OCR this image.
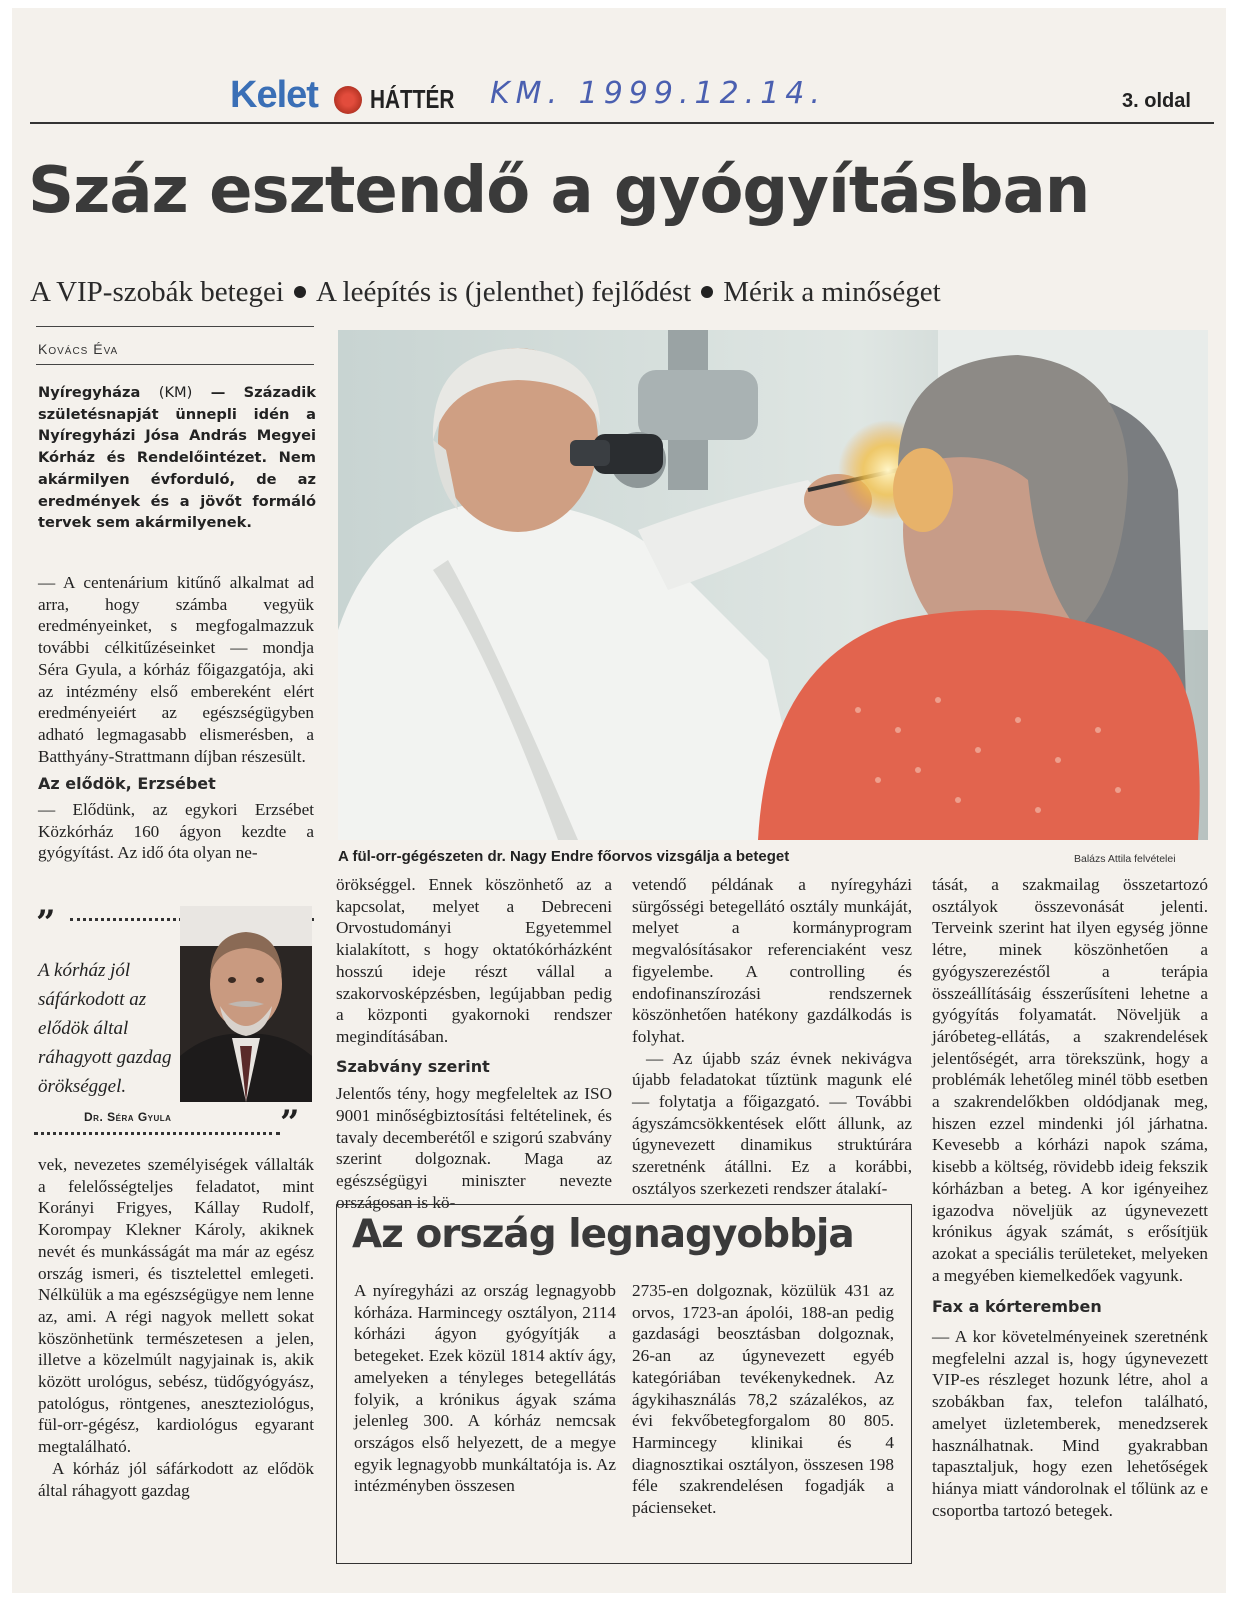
Kelet HÁTTÉR KM. 1999.12.14.	3. oldal
Száz esztendő a gyógyításban
A VIP-szobák betegei A leépítés is (jelenthet) fejlődést Mérik a minőséget
Kovács Éva
Nyíregyháza (KM) — Századik születésnapját ünnepli idén a Nyíregyházi Jósa András Megyei Kórház és Rendelőintézet. Nem akármilyen évforduló, de az eredmények és a jövőt formáló tervek sem akármilyenek.

— A centenárium kitűnő alkalmat ad arra, hogy számba vegyük eredményeinket, s megfogalmazzuk további célkitűzéseinket — mondja Séra Gyula, a kórház főigazgatója, aki az intézmény első embereként elért eredményeiért az egészségügyben adható legmagasabb elismerésben, a Batthyány-Strattmann díjban részesült.

Az elődök, Erzsébet

— Elődünk, az egykori Erzsébet Közkórház 160 ágyon kezdte a gyógyítást. Az idő óta olyan ne-

”
A kórház jól sáfárkodott az elődök által ráhagyott gazdag örökséggel.
Dr. Séra Gyula	”

vek, nevezetes személyiségek vállalták a felelősségteljes feladatot, mint Korányi Frigyes, Kállay Rudolf, Korompay Klekner Károly, akiknek nevét és munkásságát ma már az egész ország ismeri, és tisztelettel emlegeti. Nélkülük a ma egészségügye nem lenne az, ami. A régi nagyok mellett sokat köszönhetünk természetesen a jelen, illetve a közelmúlt nagyjainak is, akik között urológus, sebész, tüdőgyógyász, patológus, röntgenes, aneszteziológus, fül-orr-gégész, kardiológus egyarant megtalálható.

A kórház jól sáfárkodott az elődök által ráhagyott gazdag

A fül-orr-gégészeten dr. Nagy Endre főorvos vizsgálja a beteget	Balázs Attila felvételei

örökséggel. Ennek köszönhető az a kapcsolat, melyet a Debreceni Orvostudományi Egyetemmel kialakított, s hogy oktatókórházként hosszú ideje részt vállal a szakorvosképzésben, legújabban pedig a központi gyakornoki rendszer megindításában.

Szabvány szerint

Jelentős tény, hogy megfeleltek az ISO 9001 minőségbiztosítási feltételinek, és tavaly decemberétől e szigorú szabvány szerint dolgoznak. Maga az egészségügyi miniszter nevezte országosan is kö-

vetendő példának a nyíregyházi sürgősségi betegellátó osztály munkáját, melyet a kormányprogram megvalósításakor referenciaként vesz figyelembe. A controlling és endofinanszírozási rendszernek köszönhetően hatékony gazdálkodás is folyhat.

— Az újabb száz évnek nekivágva újabb feladatokat tűztünk magunk elé — folytatja a főigazgató. — További ágyszámcsökkentések előtt állunk, az úgynevezett dinamikus struktúrára szeretnénk átállni. Ez a korábbi, osztályos szerkezeti rendszer átalakí-

tását, a szakmailag összetartozó osztályok összevonását jelenti. Terveink szerint hat ilyen egység jönne létre, minek köszönhetően a gyógyszerezéstől a terápia összeállításáig ésszerűsíteni lehetne a gyógyítás folyamatát. Növeljük a járóbeteg-ellátás, a szakrendelések jelentőségét, arra törekszünk, hogy a problémák lehetőleg minél több esetben a szakrendelőkben oldódjanak meg, hiszen ezzel mindenki jól járhatna. Kevesebb a kórházi napok száma, kisebb a költség, rövidebb ideig fekszik kórházban a beteg. A kor igényeihez igazodva növeljük az úgynevezett krónikus ágyak számát, s erősítjük azokat a speciális területeket, melyeken a megyében kiemelkedőek vagyunk.

Fax a kórteremben

— A kor követelményeinek szeretnénk megfelelni azzal is, hogy úgynevezett VIP-es részleget hozunk létre, ahol a szobákban fax, telefon található, amelyet üzletemberek, menedzserek használhatnak. Mind gyakrabban tapasztaljuk, hogy ezen lehetőségek hiánya miatt vándorolnak el tőlünk az e csoportba tartozó betegek.

Az ország legnagyobbja

A nyíregyházi az ország legnagyobb kórháza. Harmincegy osztályon, 2114 kórházi ágyon gyógyítják a betegeket. Ezek közül 1814 aktív ágy, amelyeken a tényleges betegellátás folyik, a krónikus ágyak száma jelenleg 300. A kórház nemcsak országos első helyezett, de a megye egyik legnagyobb munkáltatója is. Az intézményben összesen

2735-en dolgoznak, közülük 431 az orvos, 1723-an ápolói, 188-an pedig gazdasági beosztásban dolgoznak, 26-an az úgynevezett egyéb kategóriában tevékenykednek. Az ágykihasználás 78,2 százalékos, az évi fekvőbetegforgalom 80 805. Harmincegy klinikai és 4 diagnosztikai osztályon, összesen 198 féle szakrendelésen fogadják a pácienseket.
